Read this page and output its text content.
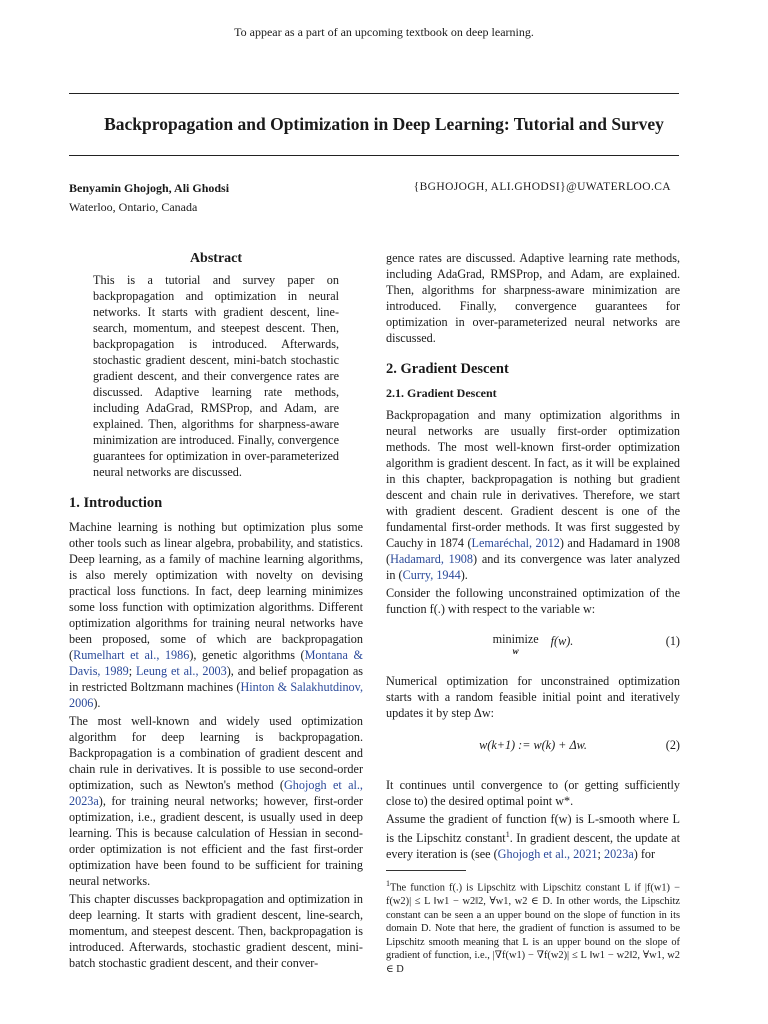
To appear as a part of an upcoming textbook on deep learning.
Backpropagation and Optimization in Deep Learning: Tutorial and Survey
Benyamin Ghojogh, Ali Ghodsi
Waterloo, Ontario, Canada
{BGHOJOGH, ALI.GHODSI}@UWATERLOO.CA
Abstract

This is a tutorial and survey paper on backpropagation and optimization in neural networks. It starts with gradient descent, line-search, momentum, and steepest descent. Then, backpropagation is introduced. Afterwards, stochastic gradient descent, mini-batch stochastic gradient descent, and their convergence rates are discussed. Adaptive learning rate methods, including AdaGrad, RMSProp, and Adam, are explained. Then, algorithms for sharpness-aware minimization are introduced. Finally, convergence guarantees for optimization in over-parameterized neural networks are discussed.

1. Introduction

Machine learning is nothing but optimization plus some other tools such as linear algebra, probability, and statistics. Deep learning, as a family of machine learning algorithms, is also merely optimization with novelty on devising practical loss functions. In fact, deep learning minimizes some loss function with optimization algorithms. Different optimization algorithms for training neural networks have been proposed, some of which are backpropagation (Rumelhart et al., 1986), genetic algorithms (Montana & Davis, 1989; Leung et al., 2003), and belief propagation as in restricted Boltzmann machines (Hinton & Salakhutdinov, 2006).

The most well-known and widely used optimization algorithm for deep learning is backpropagation. Backpropagation is a combination of gradient descent and chain rule in derivatives. It is possible to use second-order optimization, such as Newton's method (Ghojogh et al., 2023a), for training neural networks; however, first-order optimization, i.e., gradient descent, is usually used in deep learning. This is because calculation of Hessian in second-order optimization is not efficient and the fast first-order optimization have been found to be sufficient for training neural networks.

This chapter discusses backpropagation and optimization in deep learning. It starts with gradient descent, line-search, momentum, and steepest descent. Then, backpropagation is introduced. Afterwards, stochastic gradient descent, mini-batch stochastic gradient descent, and their conver-

gence rates are discussed. Adaptive learning rate methods, including AdaGrad, RMSProp, and Adam, are explained. Then, algorithms for sharpness-aware minimization are introduced. Finally, convergence guarantees for optimization in over-parameterized neural networks are discussed.

2. Gradient Descent
2.1. Gradient Descent

Backpropagation and many optimization algorithms in neural networks are usually first-order optimization methods. The most well-known first-order optimization algorithm is gradient descent. In fact, as it will be explained in this chapter, backpropagation is nothing but gradient descent and chain rule in derivatives. Therefore, we start with gradient descent. Gradient descent is one of the fundamental first-order methods. It was first suggested by Cauchy in 1874 (Lemaréchal, 2012) and Hadamard in 1908 (Hadamard, 1908) and its convergence was later analyzed in (Curry, 1944).

Consider the following unconstrained optimization of the function f(.) with respect to the variable w:

minimize
w
f(w).	(1)

Numerical optimization for unconstrained optimization starts with a random feasible initial point and iteratively updates it by step Δw:

w(k+1) := w(k) + Δw.	(2)

It continues until convergence to (or getting sufficiently close to) the desired optimal point w*.

Assume the gradient of function f(w) is L-smooth where L is the Lipschitz constant$^1$. In gradient descent, the update at every iteration is (see (Ghojogh et al., 2021; 2023a) for

$^1$The function f(.) is Lipschitz with Lipschitz constant L if |f(w1) − f(w2)| ≤ L ‖w1 − w2‖2, ∀w1, w2 ∈ D. In other words, the Lipschitz constant can be seen a an upper bound on the slope of function in its domain D. Note that here, the gradient of function is assumed to be Lipschitz smooth meaning that L is an upper bound on the slope of gradient of function, i.e., |∇f(w1) − ∇f(w2)| ≤ L ‖w1 − w2‖2, ∀w1, w2 ∈ D
